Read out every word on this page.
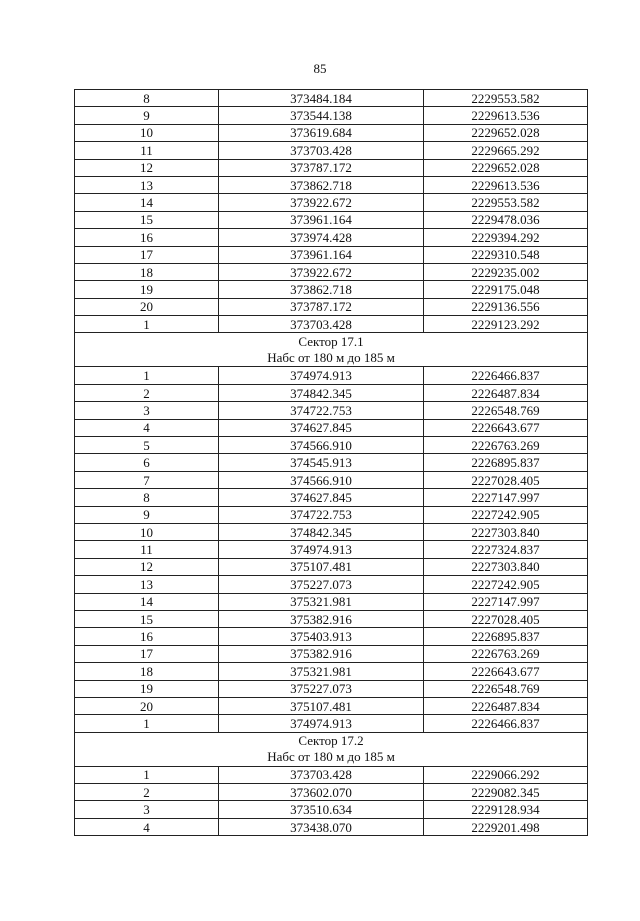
85
8	373484.184	2229553.582
9	373544.138	2229613.536
10	373619.684	2229652.028
11	373703.428	2229665.292
12	373787.172	2229652.028
13	373862.718	2229613.536
14	373922.672	2229553.582
15	373961.164	2229478.036
16	373974.428	2229394.292
17	373961.164	2229310.548
18	373922.672	2229235.002
19	373862.718	2229175.048
20	373787.172	2229136.556
1	373703.428	2229123.292

Сектор 17.1
Набс от 180 м до 185 м		

1	374974.913	2226466.837
2	374842.345	2226487.834
3	374722.753	2226548.769
4	374627.845	2226643.677
5	374566.910	2226763.269
6	374545.913	2226895.837
7	374566.910	2227028.405
8	374627.845	2227147.997
9	374722.753	2227242.905
10	374842.345	2227303.840
11	374974.913	2227324.837
12	375107.481	2227303.840
13	375227.073	2227242.905
14	375321.981	2227147.997
15	375382.916	2227028.405
16	375403.913	2226895.837
17	375382.916	2226763.269
18	375321.981	2226643.677
19	375227.073	2226548.769
20	375107.481	2226487.834
1	374974.913	2226466.837

Сектор 17.2
Набс от 180 м до 185 м		

1	373703.428	2229066.292
2	373602.070	2229082.345
3	373510.634	2229128.934
4	373438.070	2229201.498
